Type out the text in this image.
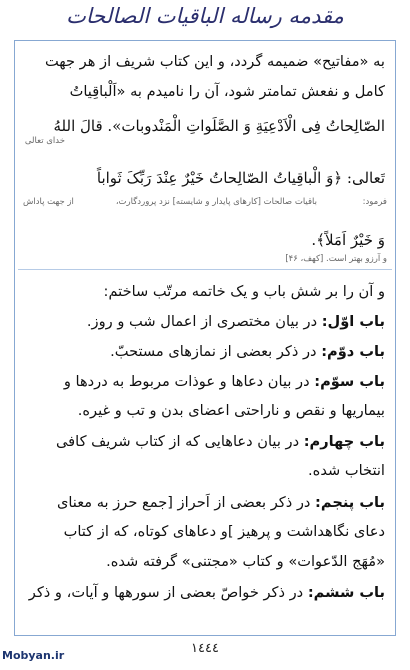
مقدمه رساله الباقیات الصالحات
به «مفاتیح» ضمیمه گردد، و این کتاب شریف از هر جهت
کامل و نفعش تمامتر شود، آن را نامیدم به «اَلْباقِیاتُ
الصّالِحاتُ فِى الْاَدْعِیَةِ وَ الصَّلَواتِ الْمَنْدوبات». قالَ اللهُ
خدای تعالی
تَعالی: ﴿وَ الْباقِیاتُ الصّالِحاتُ خَیْرٌ عِنْدَ رَبِّکَ ثَواباً
فرمود:
باقیات صالحات [کارهای پایدار و شایسته] نزد پروردگارت،
از جهت پاداش
وَ خَیْرٌ اَمَلاً﴾.
و آرزو بهتر است. [کهف، ۴۶]
و آن را بر شش باب و یک خاتمه مرتّب ساختم:
باب اوّل: در بیان مختصری از اعمال شب و روز.
باب دوّم: در ذکر بعضی از نمازهای مستحبّ.
باب سوّم: در بیان دعاها و عوذات مربوط به دردها و
بیماریها و نقص و ناراحتی اعضای بدن و تب و غیره.
باب چهارم: در بیان دعاهایی که از کتاب شریف کافی
انتخاب شده.
باب پنجم: در ذکر بعضی از اَحراز [جمع حرز به معنای
دعای نگاهداشت و پرهیز ]و دعاهای کوتاه، که از کتاب
«مُهَج الدّعوات» و کتاب «مجتنی» گرفته شده.
باب ششم: در ذکر خواصّ بعضی از سورهها و آیات، و ذکر
١٤٤٤
Mobyan.ir
